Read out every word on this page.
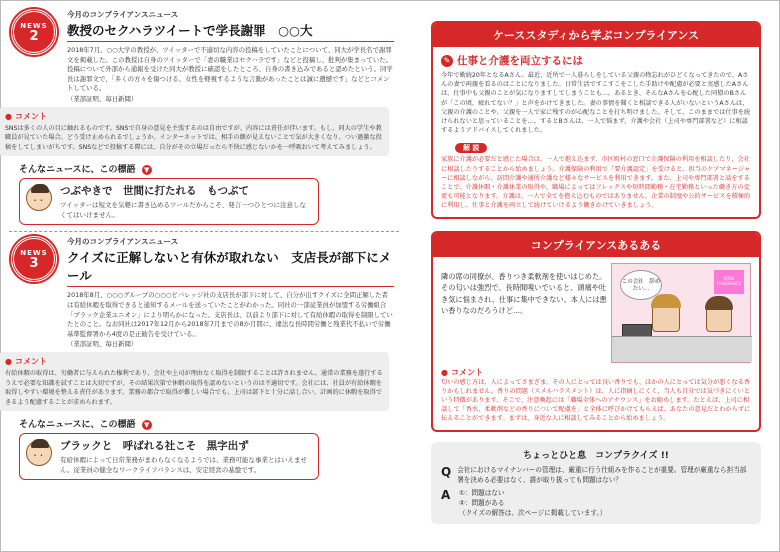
NEWS
2
今月のコンプライアンスニュース
教授のセクハラツイートで学長謝罪　○○大

2018年7月、○○大学の教授が、ツイッターで不適切な内容の投稿をしていたことについて、同大が学長名で謝罪文を掲載した。この教授は自身のツイッターで「妻の職業はセクハラです」などと投稿し、批判が集まっていた。投稿について外部から通報を受けた同大が教授に確認をしたところ、自身の書き込みであると認めたという。同学長は謝罪文で、「多くの方々を傷つける、女性を軽視するような言動があったことは誠に遺憾です」などとコメントしている。

（業部証明、毎日新聞）

● コメント

SNSは多くの人の目に触れるものです。SNSで自身の意見を主張するのは自由ですが、内容には責任が伴います。もし、同大の学生や教職員が見ていた場合、どう受け止められるでしょうか。インターネットでは、相手の顔が見えないことで気が大きくなり、つい過激な投稿をしてしまいがちです。SNSなどで投稿する際には、自分がその立場だったら不快に感じないかを一呼吸おいて考えてみましょう。

そんなニュースに、この標語 ▼
･ ･
つぶやきで　世間に打たれる　もつぶて

ツイッターは短文を気軽に書き込めるツールだからこそ、発言一つひとつに注意しなくてはいけません。

NEWS
3
今月のコンプライアンスニュース
クイズに正解しないと有休が取れない　支店長が部下にメール

2018年8月、○○○グループの○○○ビバレッジ社の支店長が部下に対して、自分が出すクイズに全問正解した者は有給休暇を取得できると通知するメールを送っていたことがわかった。同社の一部従業員が加盟する労働組合「ブラック企業ユニオン」により明らかになった。支店長は、以前より部下に対して有給休暇の取得を制限していたとのこと。なお同社は2017年12月から2018年7月までの8か月間に、違法な長時間労働と残業代不払いで労働基準監督署から4度の是正勧告を受けている。

（業部証明、毎日新聞）

● コメント

有給休暇の取得は、労働者に与えられた権利であり、会社や上司が理由なく取得を制限することは許されません。通常の業務を遂行するうえで必要な知識を試すことは大切ですが、その結果次第で休暇の取得を認めないというのは不適切です。会社には、社員が有給休暇を取得しやすい環境を整える責任があります。業務の都合で取得が難しい場合でも、上司は部下と十分に話し合い、計画的に休暇を取得できるよう配慮することが求められます。

そんなニュースに、この標語 ▼
･ ･
ブラックと　呼ばれる社こそ　黒字出ず

有給休暇によって日常業務がまわらなくなるようでは、業務可能な事業とはいえません。従業員の健全なワークライフバランスは、安定経営の基盤です。

ケーススタディから学ぶコンプライアンス
✎ 仕事と介護を両立するには

今年で勤続20年となるAさん。最近、近所で一人暮らしをしている父親の物忘れがひどくなってきたので、Aさんの妻で両親を看るのはことになりました。日常生活ですこすこをこした手助けや配慮が必要と実感したAさんは、仕事中も父親のことが気になりますしてしまうことも…。あるとき、そんなAさんを心配した同僚のBさんが「この頃、疲れてない？」と声をかけてきました。妻の事情を聞くと相談できる人がいないというAさんは、父親の介護のことや、父親を一人で家に残すのが心配なことを打ち明けました。そして、このままでは仕事を続けられないと思っていることを…。するとBさんは、一人で悩まず、介護や会社（上司や専門部署など）に相談するようアドバイスしてくれました。

解 説

家族に介護が必要だと感じた場合は、一人で抱え込まず、市区町村の窓口で介護保険の利用を相談したり、会社に相談したりすることから始めましょう。介護保険の利用で「要介護認定」を受けると、担当のケアマネージャーに相談しながら、訪問介護や通所介護など様々なサービスを利用できます。また、上司や専門部署と話をすることで、介護休暇・介護休業の取得や、職場によってはフレックスや短時間勤務・在宅勤務といった働き方の変更も可能となります。介護は、一人で全てを抱え込むものではありません。企業の制度や公的サービスを積極的に利用し、仕事と介護を両立して続けていけるよう働きかけていきましょう。

コンプライアンスあるある

隣の席の同僚が、香りつき柔軟剤を使いはじめた。その匂いは強烈で、長時間嗅いでいると、頭痛や吐き気に悩まされ、仕事に集中できない。本人には悪い香りなのだろうけど…。

この会社　辞めたい…
ROSE FRAGRANCE
● コメント

匂いの感じ方は、人によってさまざま。その人にとっては良い香りでも、ほかの人にとっては気分が悪くなる香りかもしれません。香りの問題（スメルハラスメント）は、人に指摘しにくく、当人も自分では気づきにくいという特徴があります。そこで、注意喚起には「職場全体へのアナウンス」をお勧めします。たとえば、上司に相談して「香水、柔軟剤などの香りについて配慮を」と全体に呼びかけてもらえば、あなたの意見だとわからずに伝えることができます。まずは、身近な人に相談してみることから始めましょう。

ちょっとひと息　コンプラクイズ !!
Q 会社におけるマイナンバーの管理は、厳重に行う仕組みを作ることが重要。管理が厳重なら担当部署を決める必要はなく、誰が取り扱っても問題はない？
A	①：問題はない
②：問題がある
（クイズの解答は、次ページに掲載しています。）
